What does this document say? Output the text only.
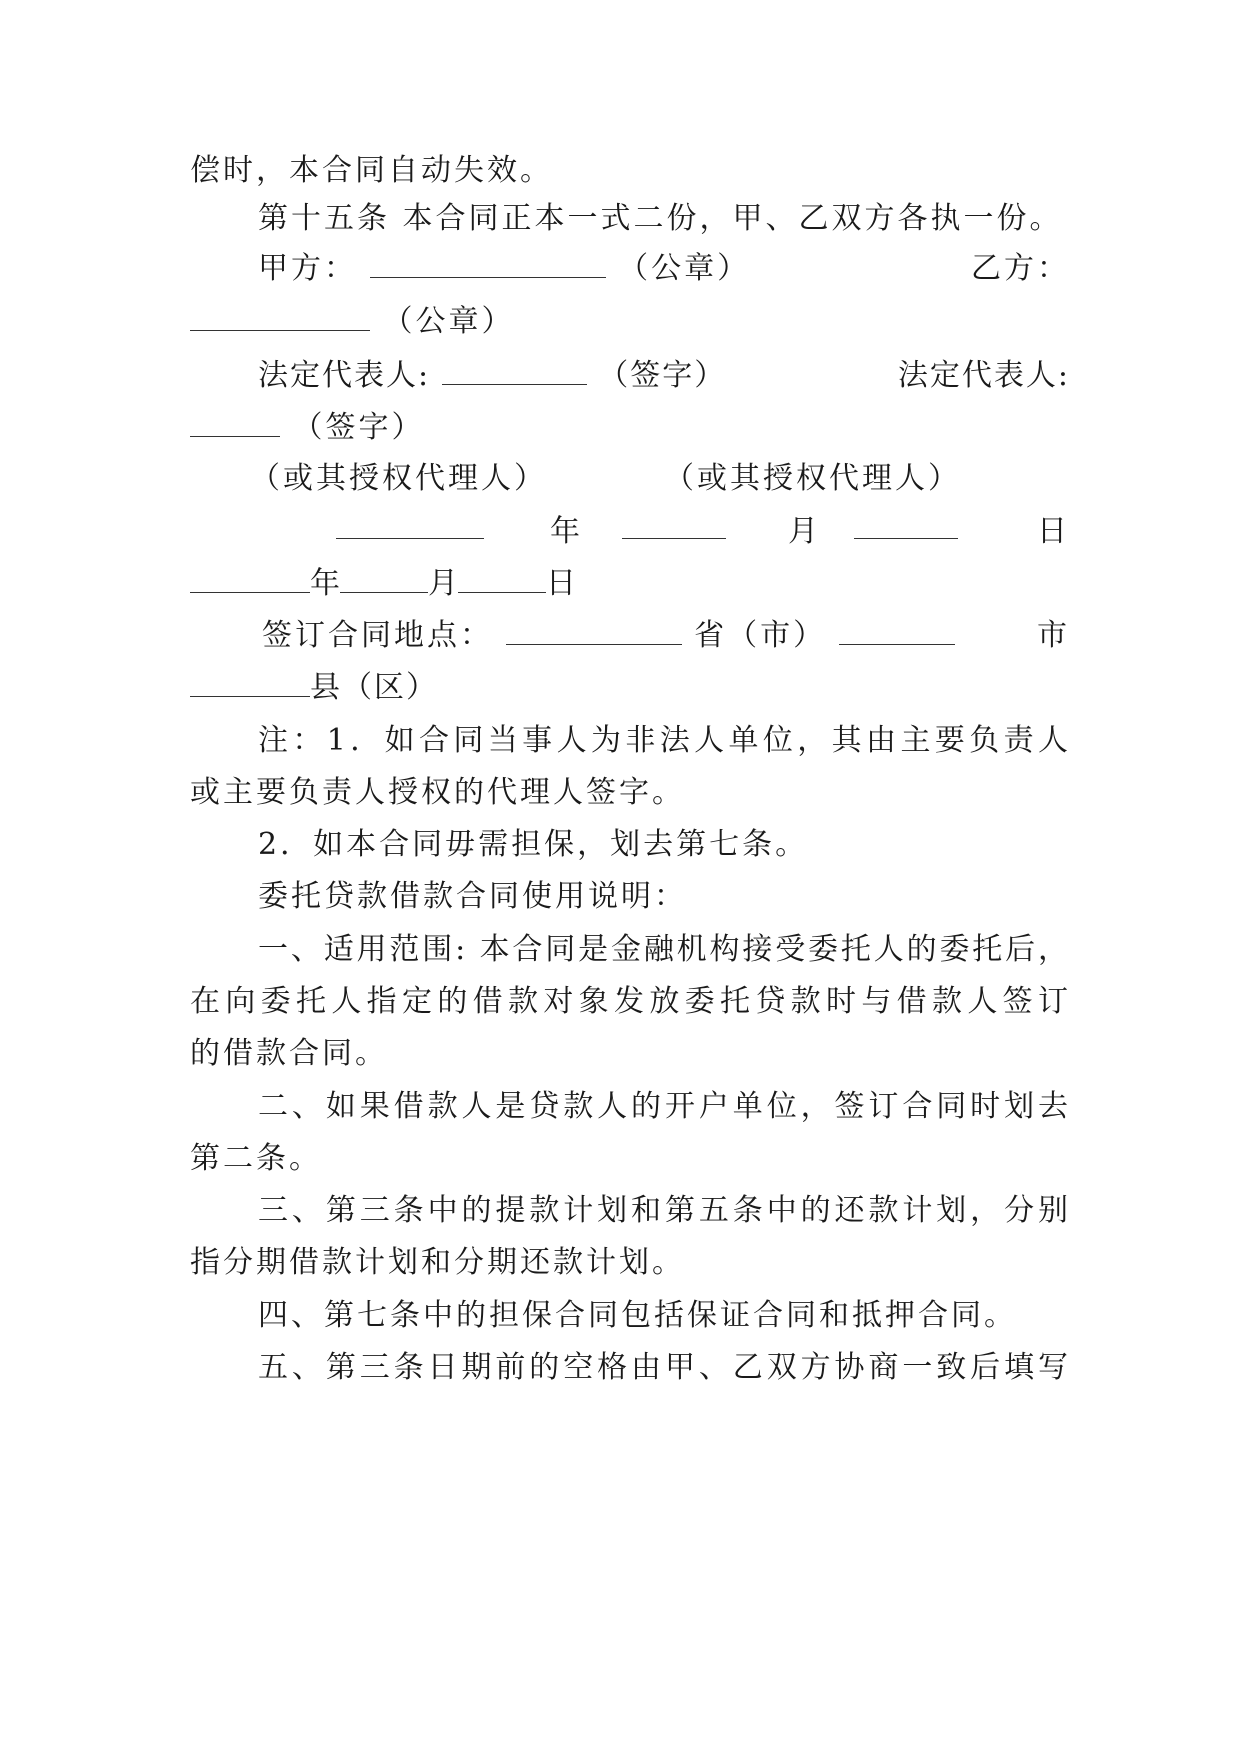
偿时，本合同自动失效。
第十五条 本合同正本一式二份，甲、乙双方各执一份。
甲方：	（公章）	乙方：
（公章）
法定代表人:	（签字）	法定代表人:
（签字）
（或其授权代理人）	（或其授权代理人）
年	月	日
年	月	日
签订合同地点：	省（市）	市
县（区）
注：1．如合同当事人为非法人单位，其由主要负责人
或主要负责人授权的代理人签字。
2．如本合同毋需担保，划去第七条。
委托贷款借款合同使用说明：
一、适用范围: 本合同是金融机构接受委托人的委托后，
在向委托人指定的借款对象发放委托贷款时与借款人签订
的借款合同。
二、如果借款人是贷款人的开户单位，签订合同时划去
第二条。
三、第三条中的提款计划和第五条中的还款计划，分别
指分期借款计划和分期还款计划。
四、第七条中的担保合同包括保证合同和抵押合同。
五、第三条日期前的空格由甲、乙双方协商一致后填写
